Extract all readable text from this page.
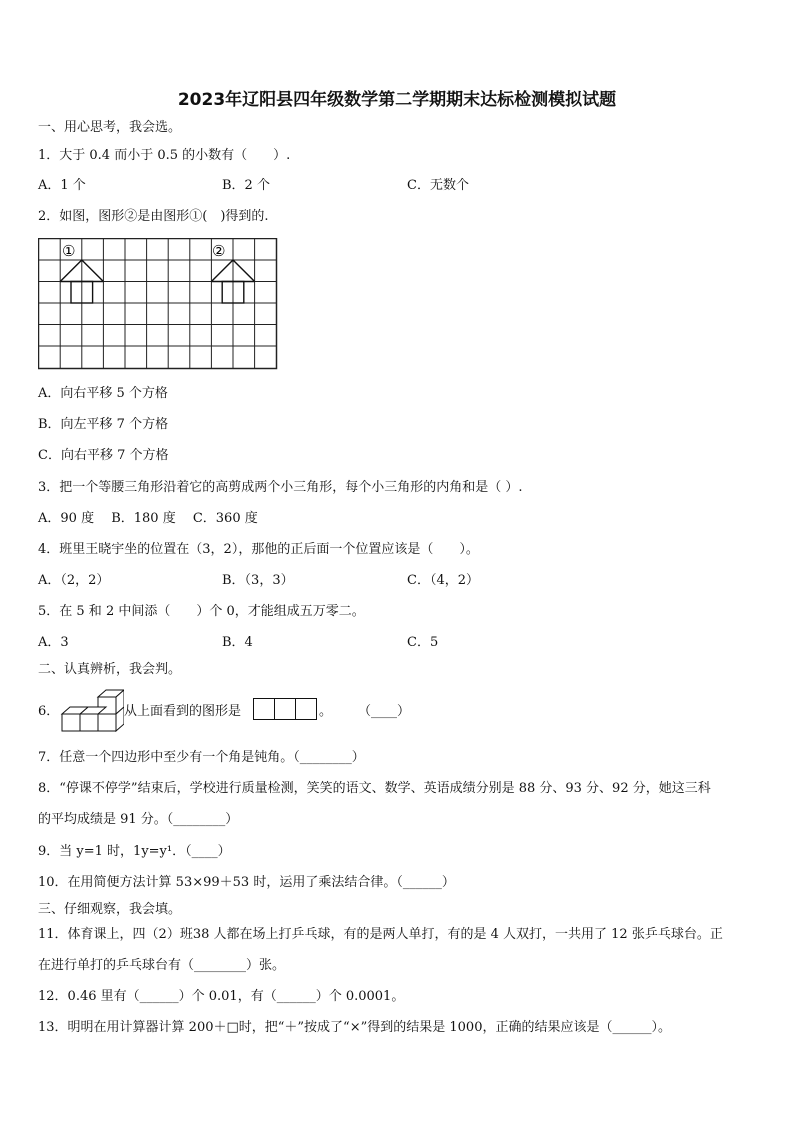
2023年辽阳县四年级数学第二学期期末达标检测模拟试题
一、用心思考，我会选。
1．大于 0.4 而小于 0.5 的小数有（　　）.
A．1 个	B．2 个	C．无数个
2．如图，图形②是由图形①(　)得到的.
①	②
A．向右平移 5 个方格
B．向左平移 7 个方格
C．向右平移 7 个方格
3．把一个等腰三角形沿着它的高剪成两个小三角形，每个小三角形的内角和是（ ）.
A．90 度　 B．180 度　 C．360 度
4．班里王晓宇坐的位置在（3，2），那他的正后面一个位置应该是（　　）。
A．（2，2）	B．（3，3）	C．（4，2）
5．在 5 和 2 中间添（　　）个 0，才能组成五万零二。
A．3	B．4	C．5
二、认真辨析，我会判。
6．	从上面看到的图形是	。　　　（____）
7．任意一个四边形中至少有一个角是钝角。（________）
8．“停课不停学”结束后，学校进行质量检测，笑笑的语文、数学、英语成绩分别是 88 分、93 分、92 分，她这三科
的平均成绩是 91 分。（________）
9．当 y=1 时，1y=y¹．（____）
10．在用简便方法计算 53×99＋53 时，运用了乘法结合律。（______）
三、仔细观察，我会填。
11．体育课上，四（2）班38 人都在场上打乒乓球，有的是两人单打，有的是 4 人双打，一共用了 12 张乒乓球台。正
在进行单打的乒乓球台有（________）张。
12．0.46 里有（______）个 0.01，有（______）个 0.0001。
13．明明在用计算器计算 200＋□时，把“＋”按成了“×”得到的结果是 1000，正确的结果应该是（______）。
